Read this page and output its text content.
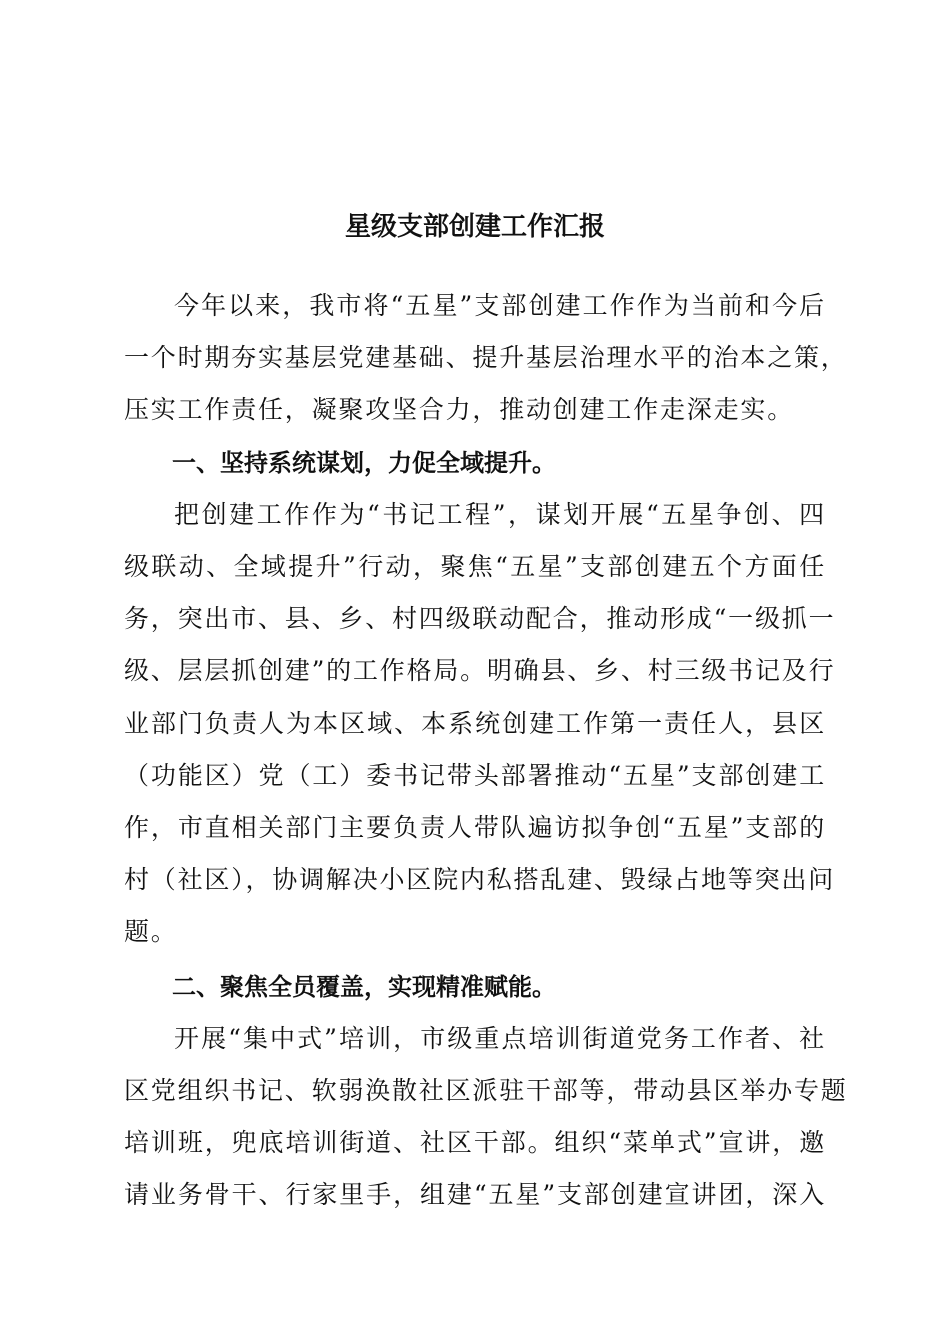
星级支部创建工作汇报
今年以来，我市将“五星”支部创建工作作为当前和今后
一个时期夯实基层党建基础、提升基层治理水平的治本之策，
压实工作责任，凝聚攻坚合力，推动创建工作走深走实。
一、坚持系统谋划，力促全域提升。
把创建工作作为“书记工程”，谋划开展“五星争创、四
级联动、全域提升”行动，聚焦“五星”支部创建五个方面任
务，突出市、县、乡、村四级联动配合，推动形成“一级抓一
级、层层抓创建”的工作格局。明确县、乡、村三级书记及行
业部门负责人为本区域、本系统创建工作第一责任人，县区
（功能区）党（工）委书记带头部署推动“五星”支部创建工
作，市直相关部门主要负责人带队遍访拟争创“五星”支部的
村（社区），协调解决小区院内私搭乱建、毁绿占地等突出问
题。
二、聚焦全员覆盖，实现精准赋能。
开展“集中式”培训，市级重点培训街道党务工作者、社
区党组织书记、软弱涣散社区派驻干部等，带动县区举办专题
培训班，兜底培训街道、社区干部。组织“菜单式”宣讲，邀
请业务骨干、行家里手，组建“五星”支部创建宣讲团，深入
